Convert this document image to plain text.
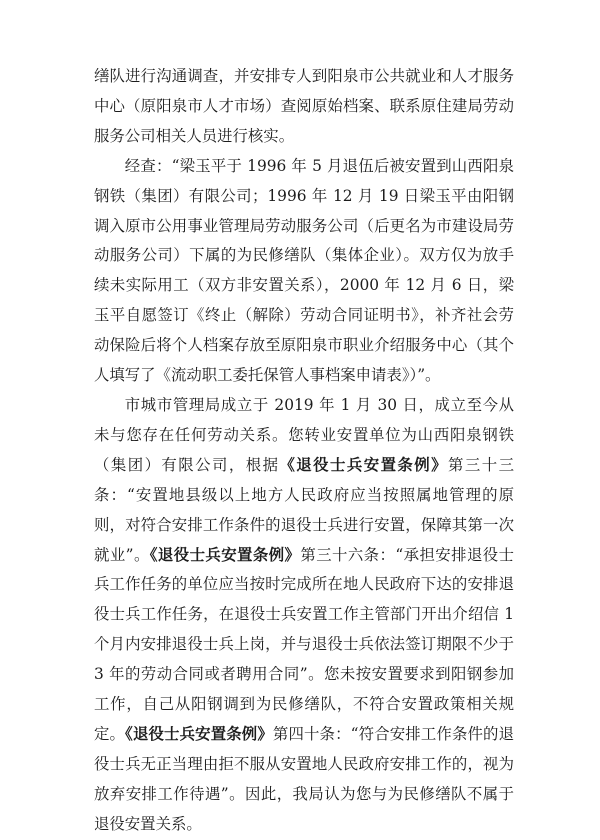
缮队进行沟通调查，并安排专人到阳泉市公共就业和人才服务中心（原阳泉市人才市场）查阅原始档案、联系原住建局劳动服务公司相关人员进行核实。

经查：“梁玉平于 1996 年 5 月退伍后被安置到山西阳泉钢铁（集团）有限公司；1996 年 12 月 19 日梁玉平由阳钢调入原市公用事业管理局劳动服务公司（后更名为市建设局劳动服务公司）下属的为民修缮队（集体企业）。双方仅为放手续未实际用工（双方非安置关系），2000 年 12 月 6 日，梁玉平自愿签订《终止（解除）劳动合同证明书》，补齐社会劳动保险后将个人档案存放至原阳泉市职业介绍服务中心（其个人填写了《流动职工委托保管人事档案申请表》）”。

市城市管理局成立于 2019 年 1 月 30 日，成立至今从未与您存在任何劳动关系。您转业安置单位为山西阳泉钢铁（集团）有限公司，根据《退役士兵安置条例》第三十三条：“安置地县级以上地方人民政府应当按照属地管理的原则，对符合安排工作条件的退役士兵进行安置，保障其第一次就业”。《退役士兵安置条例》第三十六条：“承担安排退役士兵工作任务的单位应当按时完成所在地人民政府下达的安排退役士兵工作任务，在退役士兵安置工作主管部门开出介绍信 1 个月内安排退役士兵上岗，并与退役士兵依法签订期限不少于 3 年的劳动合同或者聘用合同”。您未按安置要求到阳钢参加工作，自己从阳钢调到为民修缮队，不符合安置政策相关规定。《退役士兵安置条例》第四十条：“符合安排工作条件的退役士兵无正当理由拒不服从安置地人民政府安排工作的，视为放弃安排工作待遇”。因此，我局认为您与为民修缮队不属于退役安置关系。
